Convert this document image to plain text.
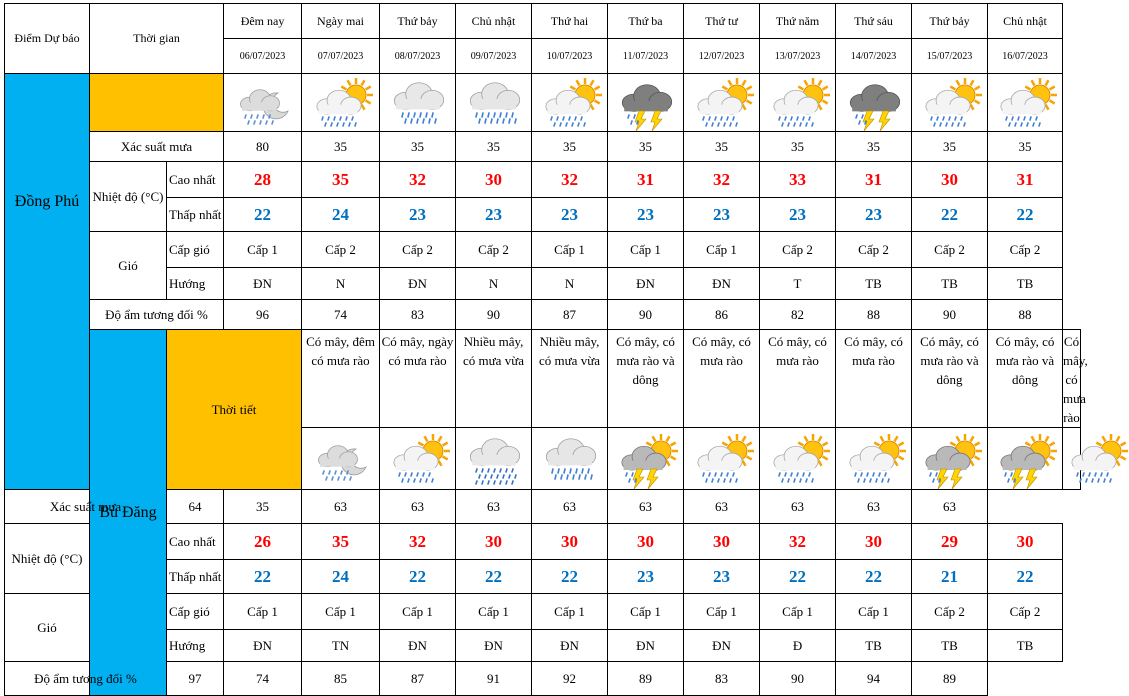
Điểm Dự báo	Thời gian		Đêm nay	Ngày mai	Thứ bảy	Chủ nhật	Thứ hai	Thứ ba	Thứ tư	Thứ năm	Thứ sáu	Thứ bảy	Chủ nhật	
			06/07/2023	07/07/2023	08/07/2023	09/07/2023	10/07/2023	11/07/2023	12/07/2023	13/07/2023	14/07/2023	15/07/2023	16/07/2023	
Đồng Phú		

	Xác suất mưa		80	35	35	35	35	35	35	35	35	35	35	
	Nhiệt độ (°C)	Cao nhất	28	35	32	30	32	31	32	33	31	30	31	
		Thấp nhất	22	24	23	23	23	23	23	23	23	22	22	
	Gió	Cấp gió	Cấp 1	Cấp 2	Cấp 2	Cấp 2	Cấp 1	Cấp 1	Cấp 1	Cấp 2	Cấp 2	Cấp 2	Cấp 2	
		Hướng	ĐN	N	ĐN	N	N	ĐN	ĐN	T	TB	TB	TB	
	Độ ẩm tương đối %		96	74	83	90	87	90	86	82	88	90	88	
	Bù Đăng	Thời tiết		Có mây, đêm có mưa rào	Có mây, ngày có mưa rào	Nhiều mây, có mưa vừa	Nhiều mây, có mưa vừa	Có mây, có mưa rào và dông	Có mây, có mưa rào	Có mây, có mưa rào	Có mây, có mưa rào	Có mây, có mưa rào và dông	Có mây, có mưa rào và dông	Có mây, có mưa rào

Xác suất mưa		64	35	63	63	63	63	63	63	63	63	63		
Nhiệt độ (°C)		Cao nhất	26	35	32	30	30	30	30	32	30	29	30	
		Thấp nhất	22	24	22	22	22	23	23	22	22	21	22	
Gió		Cấp gió	Cấp 1	Cấp 1	Cấp 1	Cấp 1	Cấp 1	Cấp 1	Cấp 1	Cấp 1	Cấp 1	Cấp 2	Cấp 2	
		Hướng	ĐN	TN	ĐN	ĐN	ĐN	ĐN	ĐN	Đ	TB	TB	TB	
Độ ẩm tương đối %		97	74	85	87	91	92	89	83	90	94	89		
